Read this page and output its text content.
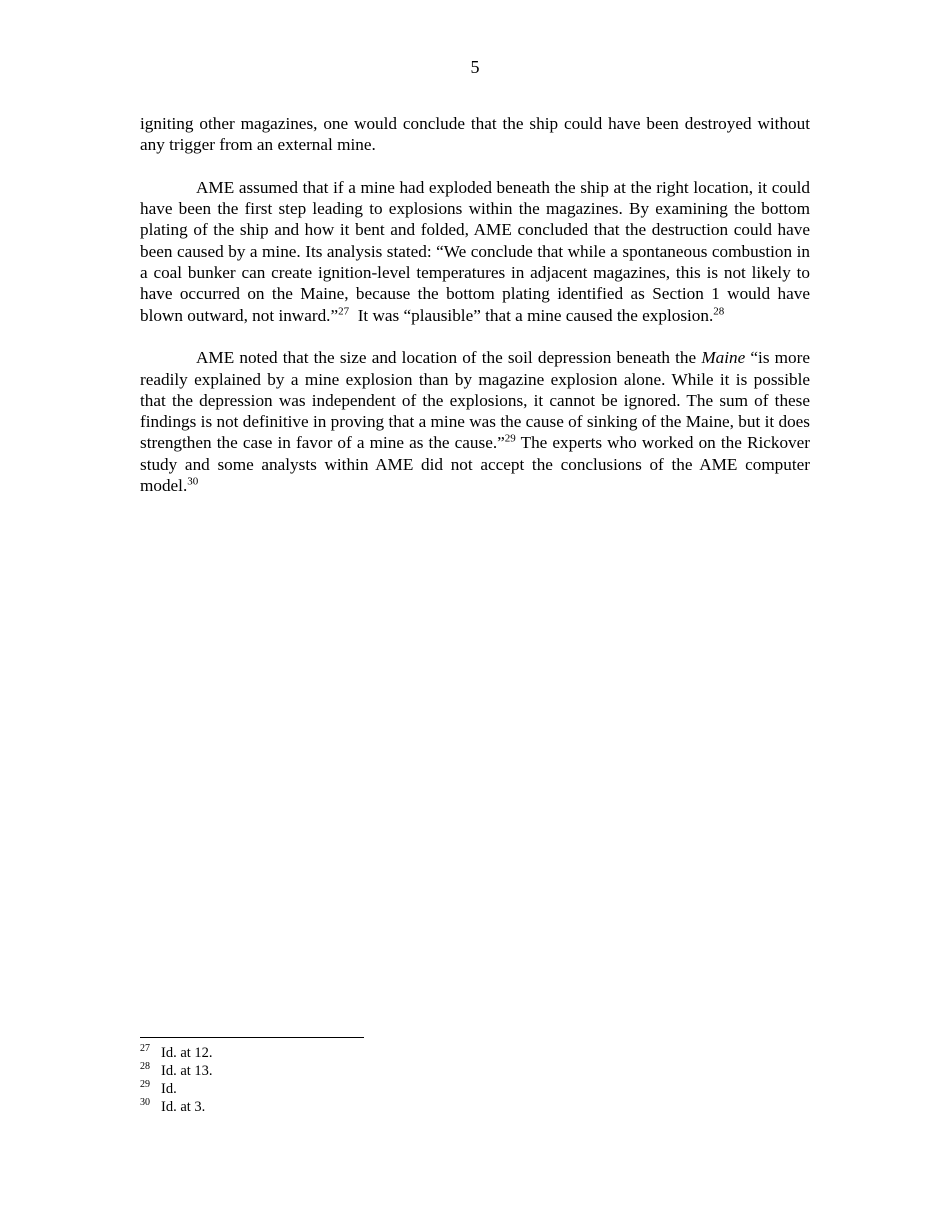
5

igniting other magazines, one would conclude that the ship could have been destroyed without any trigger from an external mine.

AME assumed that if a mine had exploded beneath the ship at the right location, it could have been the first step leading to explosions within the magazines. By examining the bottom plating of the ship and how it bent and folded, AME concluded that the destruction could have been caused by a mine. Its analysis stated: “We conclude that while a spontaneous combustion in a coal bunker can create ignition-level temperatures in adjacent magazines, this is not likely to have occurred on the Maine, because the bottom plating identified as Section 1 would have blown outward, not inward.”$^{27}$  It was “plausible” that a mine caused the explosion.$^{28}$

AME noted that the size and location of the soil depression beneath the Maine “is more readily explained by a mine explosion than by magazine explosion alone. While it is possible that the depression was independent of the explosions, it cannot be ignored. The sum of these findings is not definitive in proving that a mine was the cause of sinking of the Maine, but it does strengthen the case in favor of a mine as the cause.”$^{29}$ The experts who worked on the Rickover study and some analysts within AME did not accept the conclusions of the AME computer model.$^{30}$

27 Id. at 12.
28 Id. at 13.
29 Id.
30 Id. at 3.
